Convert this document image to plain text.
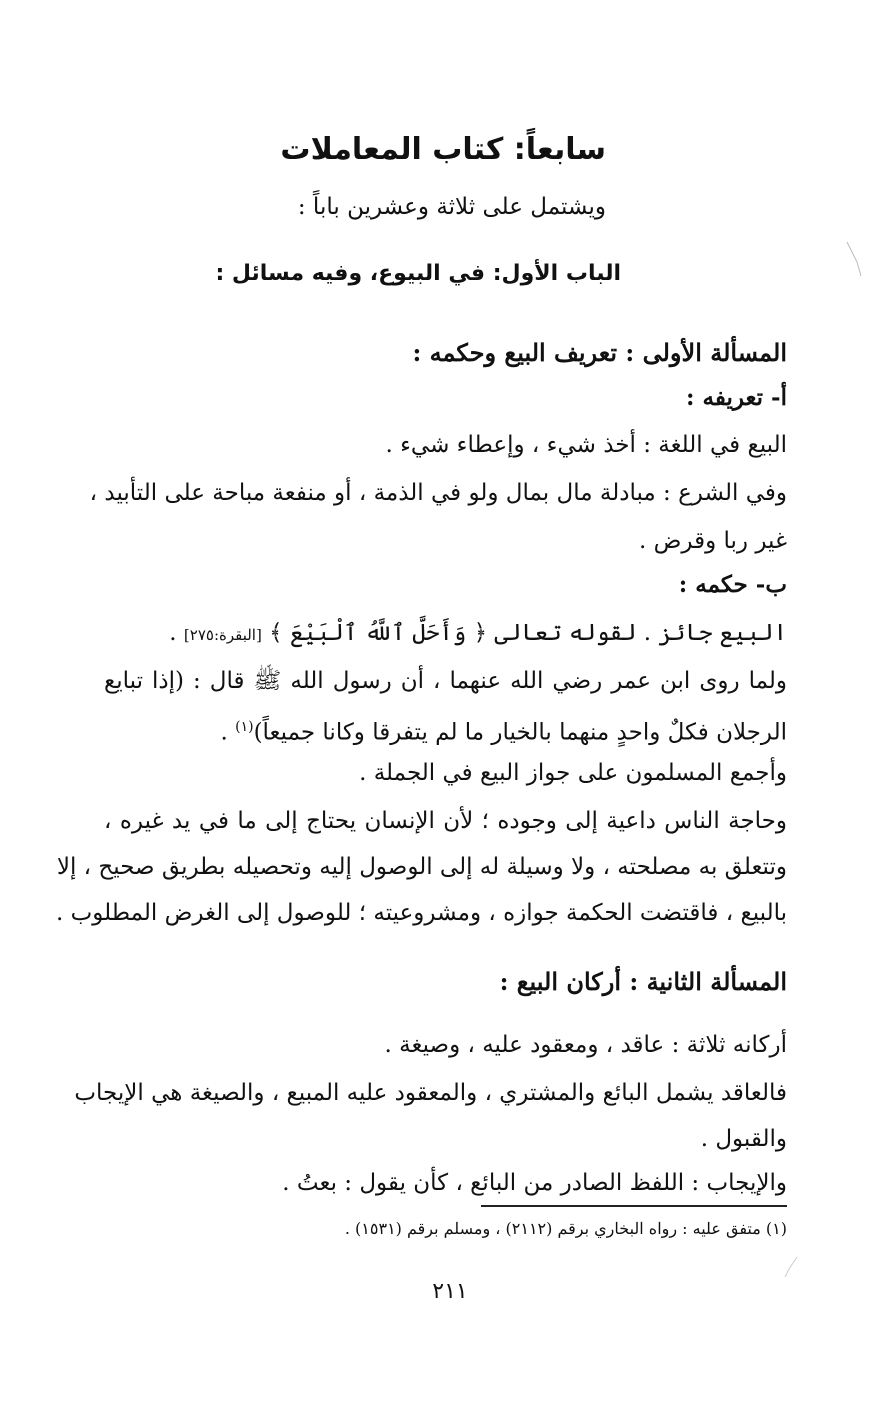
سابعاً: كتاب المعاملات
ويشتمل على ثلاثة وعشرين باباً :
الباب الأول: في البيوع، وفيه مسائل :
المسألة الأولى : تعريف البيع وحكمه :
أ- تعريفه :
البيع في اللغة : أخذ شيء ، وإعطاء شيء .
وفي الشرع : مبادلة مال بمال ولو في الذمة ، أو منفعة مباحة على التأبيد ،
غير ربا وقرض .
ب- حكمه :
البيع جائز . لقوله تعالى ﴿ وَأَحَلَّ ٱللَّهُ ٱلْبَيْعَ ﴾ [البقرة:٢٧٥] .
ولما روى ابن عمر رضي الله عنهما ، أن رسول الله ﷺ قال : (إذا تبايع
الرجلان فكلٌ واحدٍ منهما بالخيار ما لم يتفرقا وكانا جميعاً)$^{(١)}$ .
وأجمع المسلمون على جواز البيع في الجملة .
وحاجة الناس داعية إلى وجوده ؛ لأن الإنسان يحتاج إلى ما في يد غيره ،
وتتعلق به مصلحته ، ولا وسيلة له إلى الوصول إليه وتحصيله بطريق صحيح ، إلا
بالبيع ، فاقتضت الحكمة جوازه ، ومشروعيته ؛ للوصول إلى الغرض المطلوب .
المسألة الثانية : أركان البيع :
أركانه ثلاثة : عاقد ، ومعقود عليه ، وصيغة .
فالعاقد يشمل البائع والمشتري ، والمعقود عليه المبيع ، والصيغة هي الإيجاب
والقبول .
والإيجاب : اللفظ الصادر من البائع ، كأن يقول : بعتُ .
(١) متفق عليه : رواه البخاري برقم (٢١١٢) ، ومسلم برقم (١٥٣١) .
٢١١
